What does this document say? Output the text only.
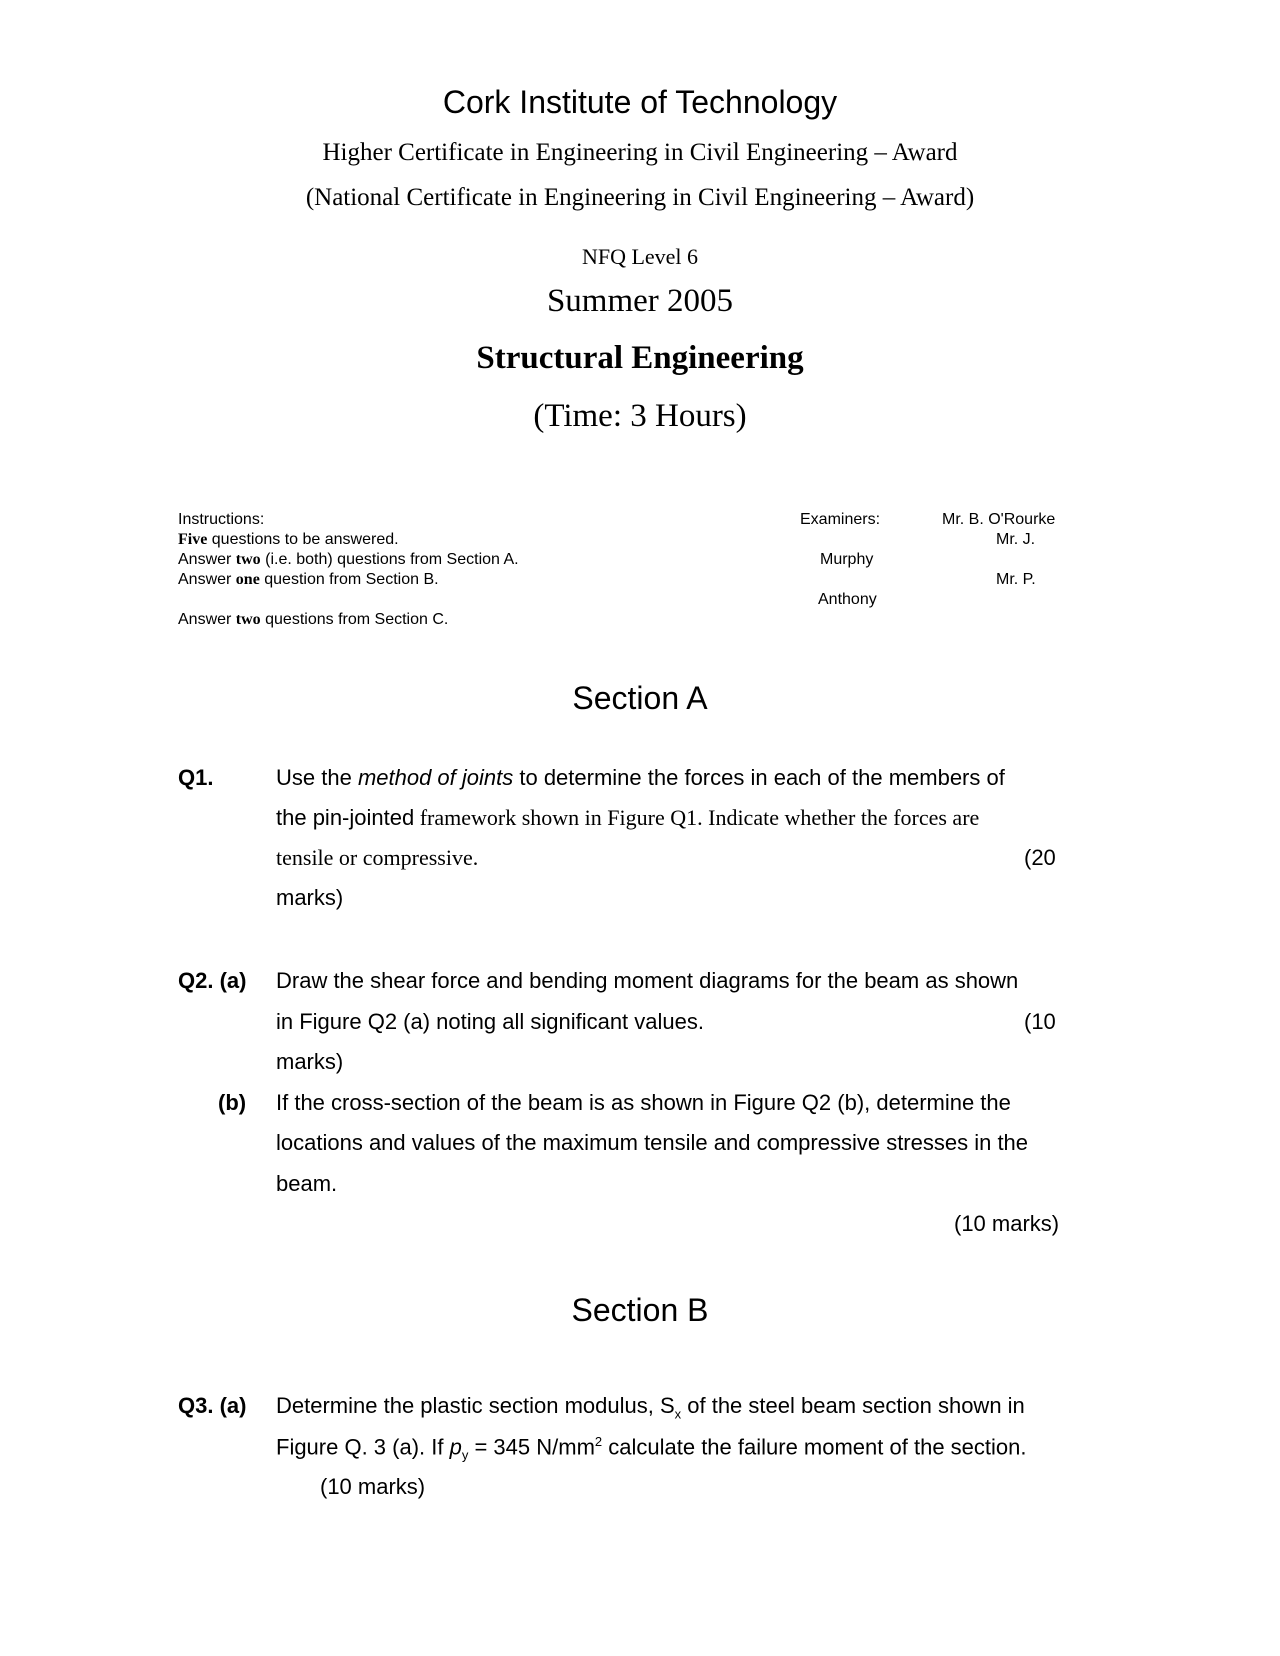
Cork Institute of Technology
Higher Certificate in Engineering in Civil Engineering – Award
(National Certificate in Engineering in Civil Engineering – Award)
NFQ Level 6
Summer 2005
Structural Engineering
(Time: 3 Hours)
Instructions:
Five questions to be answered.
Answer two (i.e. both) questions from Section A.
Answer one question from Section B.
Answer two questions from Section C.
Examiners:	Mr. B. O'Rourke
Mr. J.
Murphy
Mr. P.
Anthony
Section A
Q1.	Use the method of joints to determine the forces in each of the members of
the pin-jointed framework shown in Figure Q1. Indicate whether the forces are
tensile or compressive.	(20
marks)
Q2. (a) Draw the shear force and bending moment diagrams for the beam as shown
in Figure Q2 (a) noting all significant values.	(10
marks)
(b) If the cross-section of the beam is as shown in Figure Q2 (b), determine the
locations and values of the maximum tensile and compressive stresses in the
beam.
(10 marks)
Section B
Q3. (a) Determine the plastic section modulus, $S_x$ of the steel beam section shown in
Figure Q. 3 (a). If $p_y = 345$ $N/mm^2$ calculate the failure moment of the section.
(10 marks)
